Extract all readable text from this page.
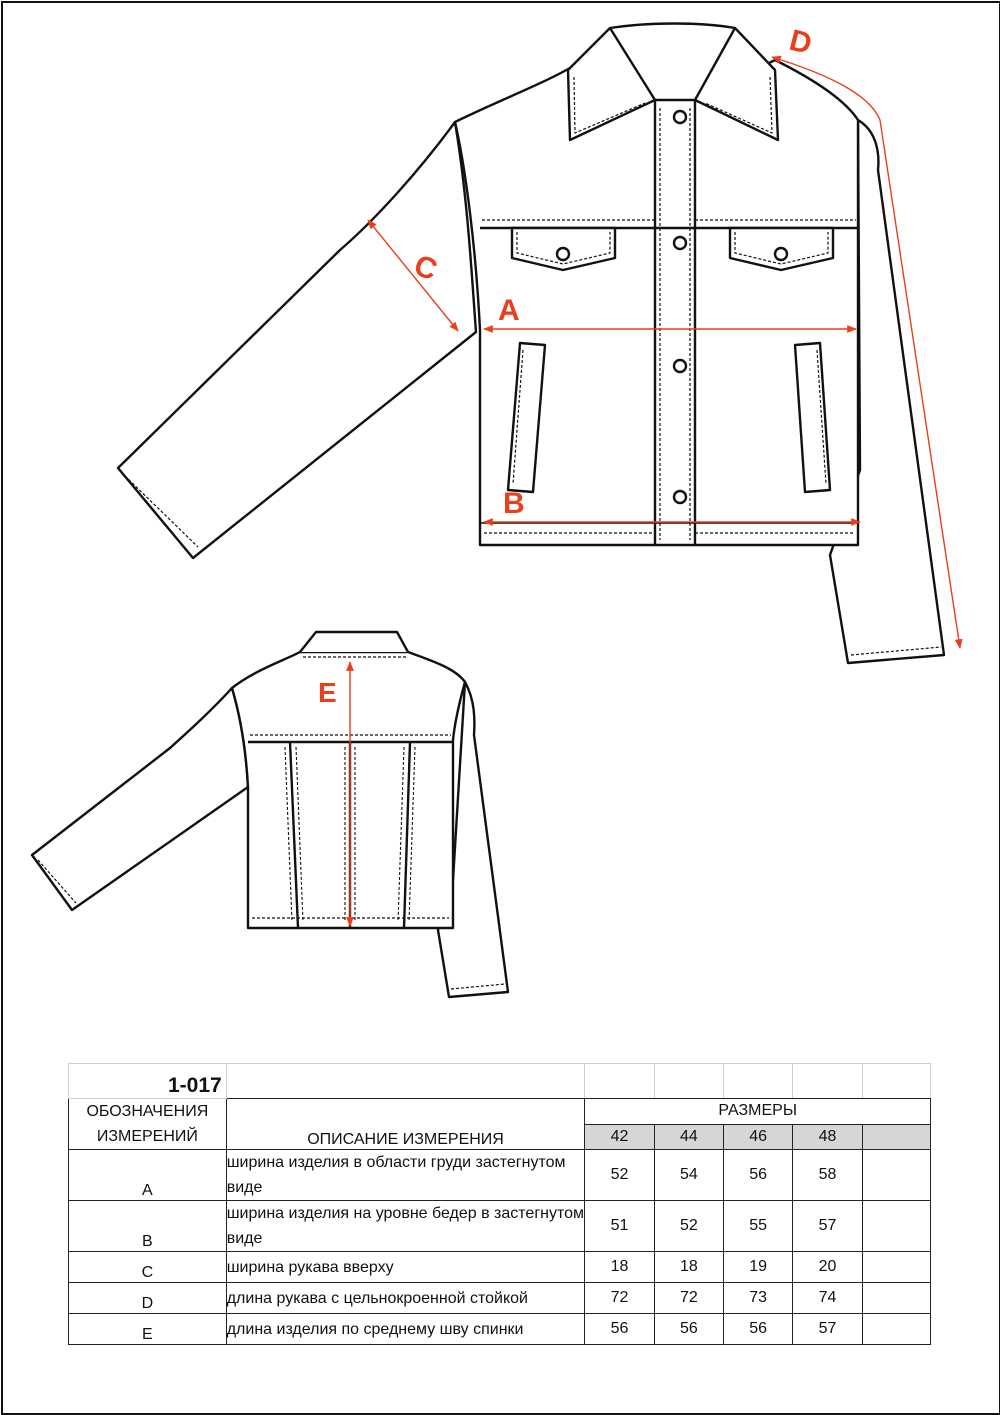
A
B
C
D
E
1-017						
ОБОЗНАЧЕНИЯ ИЗМЕРЕНИЙ	ОПИСАНИЕ ИЗМЕРЕНИЯ	РАЗМЕРЫ				
		42	44	46	48	
A	ширина изделия в области груди застегнутом виде	52	54	56	58	
B	ширина изделия на уровне бедер в застегнутом виде	51	52	55	57	
C	ширина рукава вверху	18	18	19	20	
D	длина рукава с цельнокроенной стойкой	72	72	73	74	
E	длина изделия по среднему шву спинки	56	56	56	57	
